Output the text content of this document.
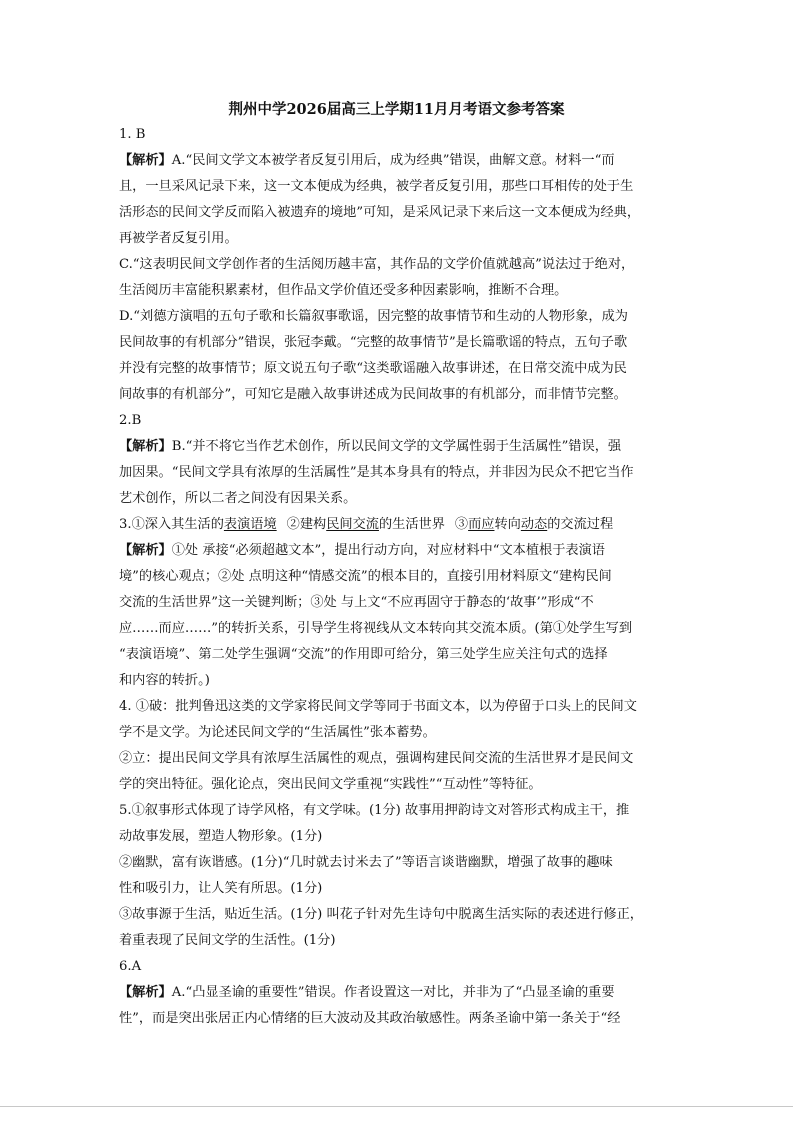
荆州中学2026届高三上学期11月月考语文参考答案
1. B
【解析】A.“民间文学文本被学者反复引用后，成为经典”错误，曲解文意。材料一“而
且，一旦采风记录下来，这一文本便成为经典，被学者反复引用，那些口耳相传的处于生
活形态的民间文学反而陷入被遗弃的境地”可知，是采风记录下来后这一文本便成为经典，
再被学者反复引用。
C.“这表明民间文学创作者的生活阅历越丰富，其作品的文学价值就越高”说法过于绝对，
生活阅历丰富能积累素材，但作品文学价值还受多种因素影响，推断不合理。
D.“刘德方演唱的五句子歌和长篇叙事歌谣，因完整的故事情节和生动的人物形象，成为
民间故事的有机部分”错误，张冠李戴。“完整的故事情节”是长篇歌谣的特点，五句子歌
并没有完整的故事情节；原文说五句子歌“这类歌谣融入故事讲述，在日常交流中成为民
间故事的有机部分”，可知它是融入故事讲述成为民间故事的有机部分，而非情节完整。
2.B
【解析】B.“并不将它当作艺术创作，所以民间文学的文学属性弱于生活属性”错误，强
加因果。“民间文学具有浓厚的生活属性”是其本身具有的特点，并非因为民众不把它当作
艺术创作，所以二者之间没有因果关系。
3.①深入其生活的表演语境 ②建构民间交流的生活世界 ③而应转向动态的交流过程
【解析】①处 承接“必须超越文本”，提出行动方向，对应材料中“文本植根于表演语
境”的核心观点；②处 点明这种“情感交流”的根本目的，直接引用材料原文“建构民间
交流的生活世界”这一关键判断；③处 与上文“不应再固守于静态的‘故事’”形成“不
应……而应……”的转折关系，引导学生将视线从文本转向其交流本质。(第①处学生写到
“表演语境”、第二处学生强调“交流”的作用即可给分，第三处学生应关注句式的选择
和内容的转折。)
4. ①破：批判鲁迅这类的文学家将民间文学等同于书面文本，以为停留于口头上的民间文
学不是文学。为论述民间文学的“生活属性”张本蓄势。
②立：提出民间文学具有浓厚生活属性的观点，强调构建民间交流的生活世界才是民间文
学的突出特征。强化论点，突出民间文学重视“实践性”“互动性”等特征。
5.①叙事形式体现了诗学风格，有文学味。(1分) 故事用押韵诗文对答形式构成主干，推
动故事发展，塑造人物形象。(1分)
②幽默，富有诙谐感。(1分)“几时就去讨米去了”等语言谈谐幽默，增强了故事的趣味
性和吸引力，让人笑有所思。(1分)
③故事源于生活，贴近生活。(1分) 叫花子针对先生诗句中脱离生活实际的表述进行修正，
着重表现了民间文学的生活性。(1分)
6.A
【解析】A.“凸显圣谕的重要性”错误。作者设置这一对比，并非为了“凸显圣谕的重要
性”，而是突出张居正内心情绪的巨大波动及其政治敏感性。两条圣谕中第一条关于“经
